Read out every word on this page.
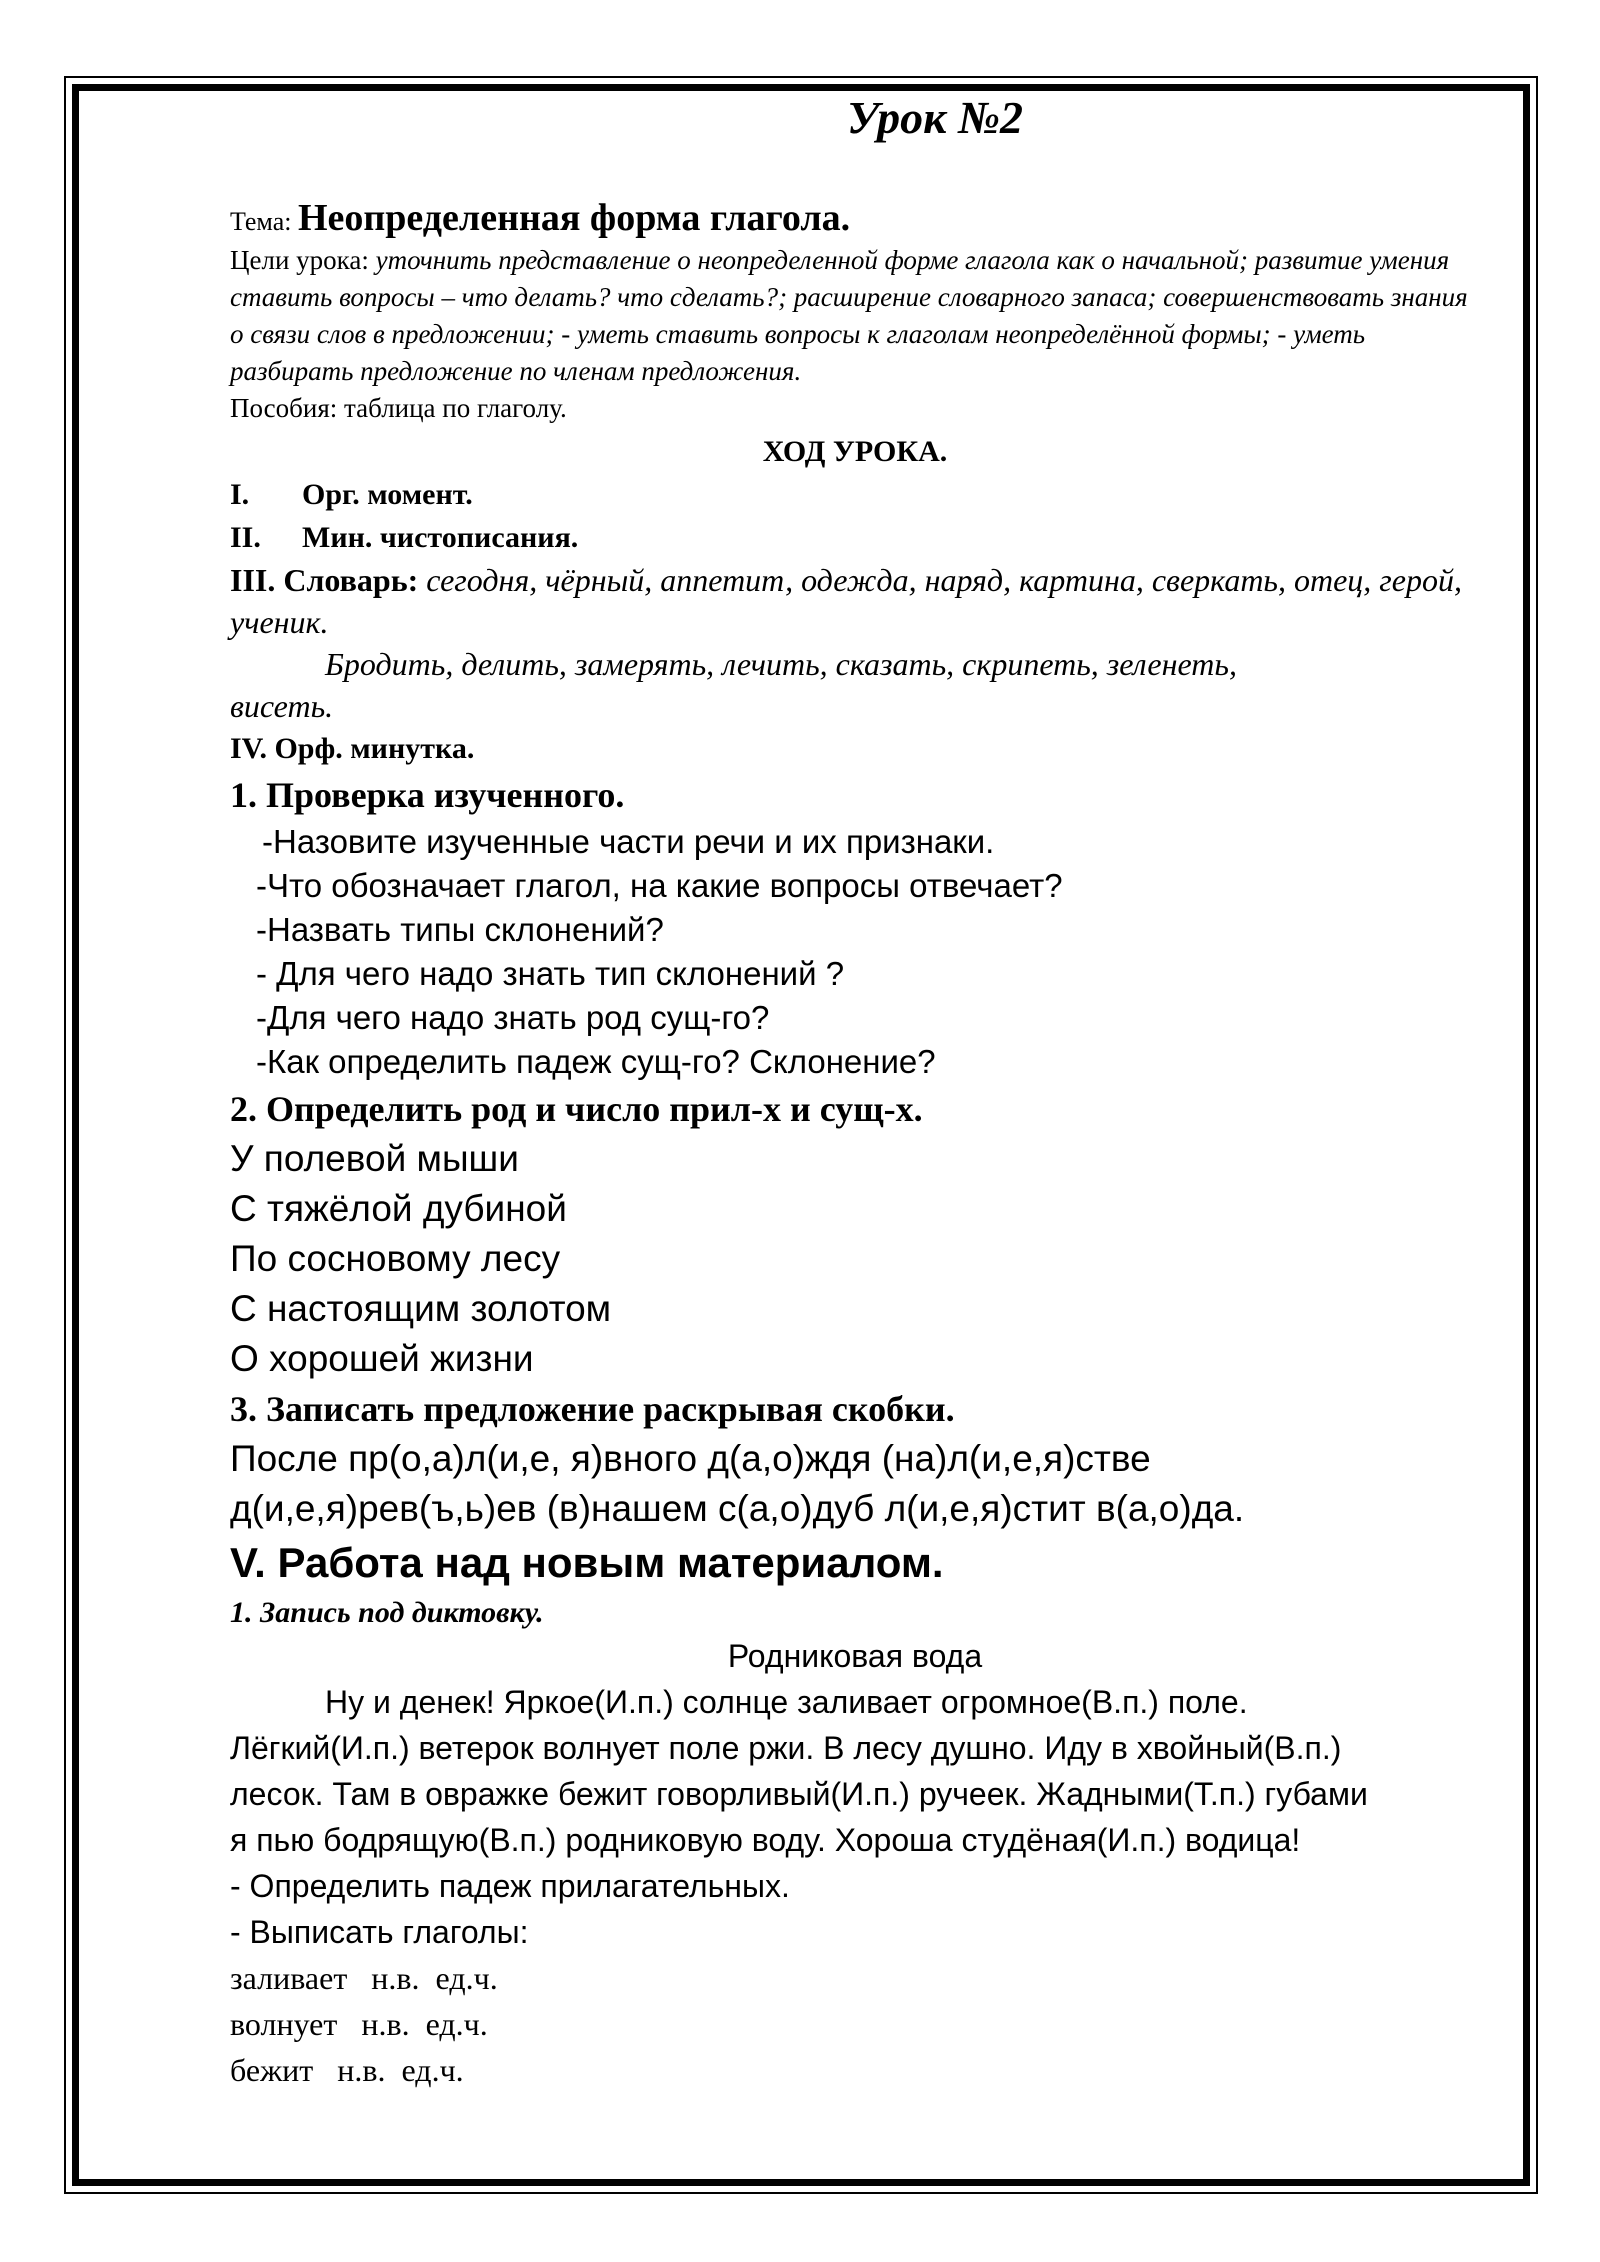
Урок №2
Тема: Неопределенная форма глагола.

Цели урока: уточнить представление о неопределенной форме глагола как о начальной; развитие умения ставить вопросы – что делать? что сделать?; расширение словарного запаса; совершенствовать знания о связи слов в предложении; - уметь ставить вопросы к глаголам неопределённой формы; - уметь разбирать предложение по членам предложения.

Пособия: таблица по глаголу.

ХОД УРОКА.
I.	Орг. момент.
II.	Мин. чистописания.
III. Словарь: сегодня, чёрный, аппетит, одежда, наряд, картина, сверкать, отец, герой, ученик.
Бродить, делить, замерять, лечить, сказать, скрипеть, зеленеть,
висеть.
IV. Орф. минутка.
1. Проверка изученного.
-Назовите изученные части речи и их признаки.
-Что обозначает глагол, на какие вопросы отвечает?
-Назвать типы склонений?
- Для чего надо знать тип склонений ?
-Для чего надо знать род сущ-го?
-Как определить падеж сущ-го? Склонение?
2. Определить род и число прил-х и сущ-х.
У полевой мыши
С тяжёлой дубиной
По сосновому лесу
С настоящим золотом
О хорошей жизни
3. Записать предложение раскрывая скобки.
После пр(о,а)л(и,е, я)вного д(а,о)ждя (на)л(и,е,я)стве
д(и,е,я)рев(ъ,ь)ев (в)нашем с(а,о)дуб л(и,е,я)стит в(а,о)да.
V. Работа над новым материалом.
1. Запись под диктовку.
Родниковая вода
Ну и денек! Яркое(И.п.) солнце заливает огромное(В.п.) поле.
Лёгкий(И.п.) ветерок волнует поле ржи. В лесу душно. Иду в хвойный(В.п.)
лесок. Там в овражке бежит говорливый(И.п.) ручеек. Жадными(Т.п.) губами
я пью бодрящую(В.п.) родниковую воду. Хороша студёная(И.п.) водица!
- Определить падеж прилагательных.
- Выписать глаголы:
заливает   н.в.  ед.ч.
волнует   н.в.  ед.ч.
бежит   н.в.  ед.ч.
